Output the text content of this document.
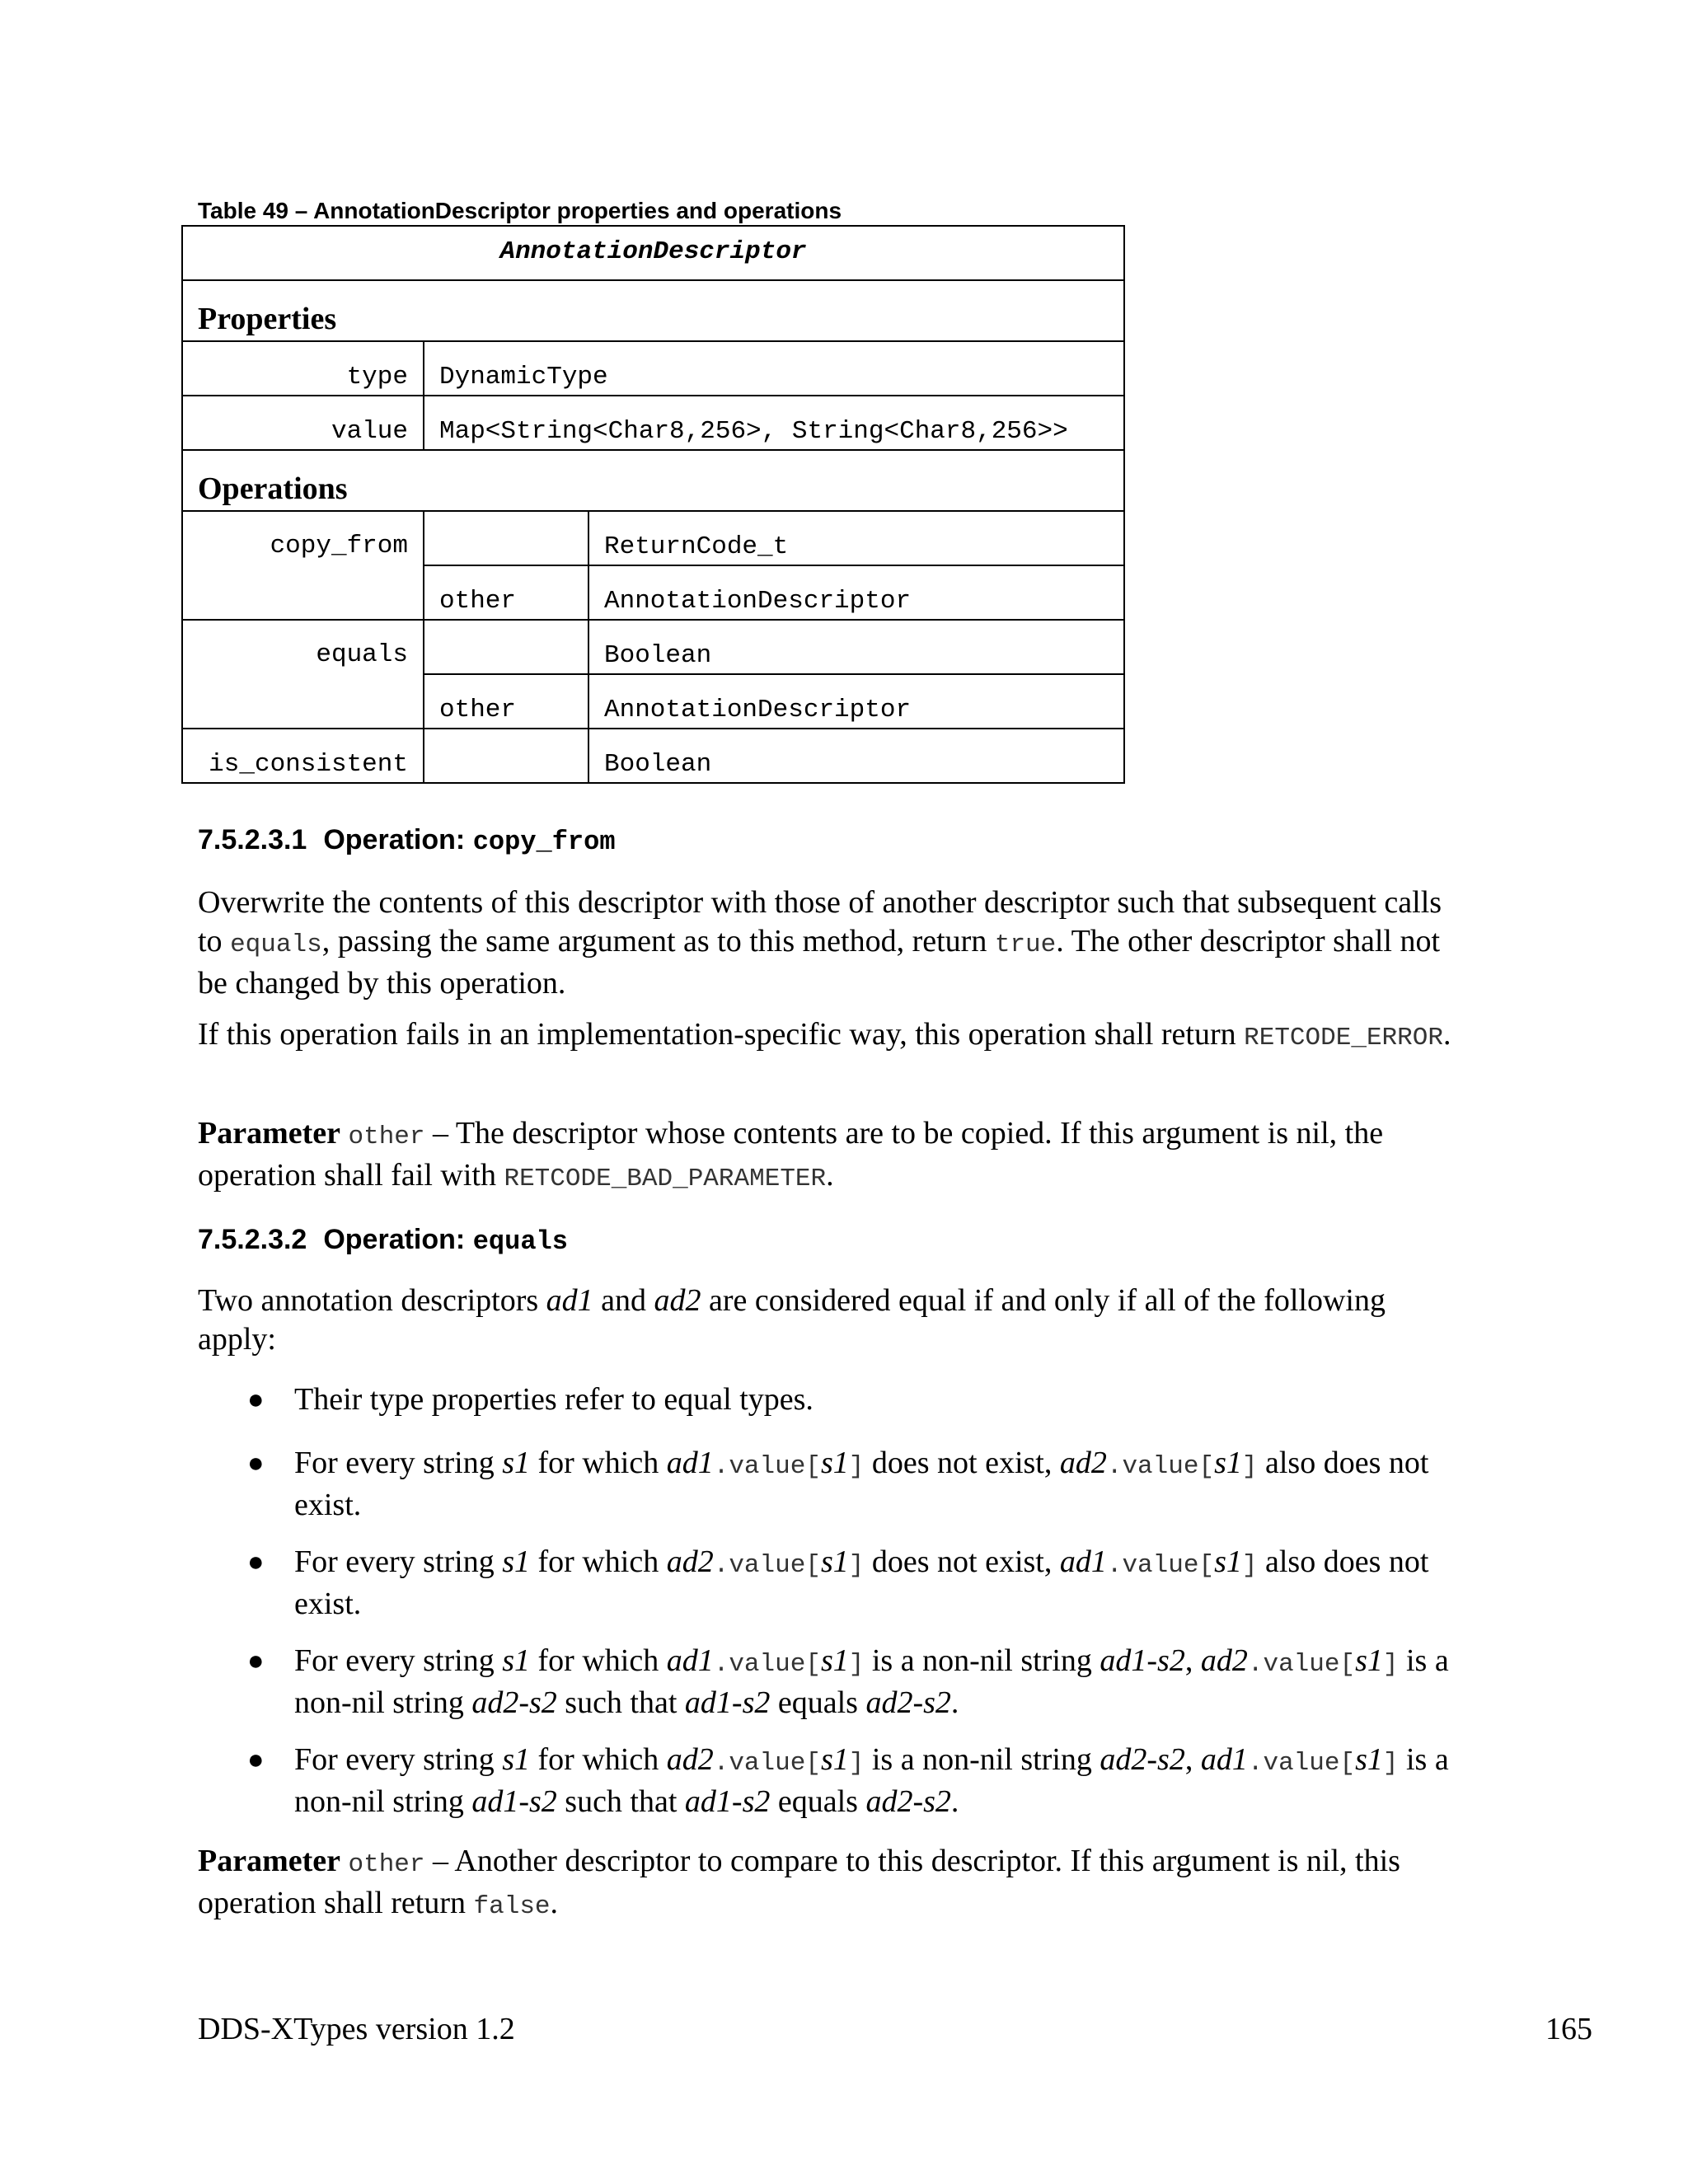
Table 49 – AnnotationDescriptor properties and operations
AnnotationDescriptor		
Properties		
type	DynamicType	
value	Map<String<Char8,256>, String<Char8,256>>	
Operations		
copy_from		ReturnCode_t
	other	AnnotationDescriptor
equals		Boolean
	other	AnnotationDescriptor
is_consistent		Boolean
7.5.2.3.1 Operation: copy_from
Overwrite the contents of this descriptor with those of another descriptor such that subsequent calls to equals, passing the same argument as to this method, return true. The other descriptor shall not be changed by this operation.
If this operation fails in an implementation-specific way, this operation shall return RETCODE_ERROR.
Parameter other – The descriptor whose contents are to be copied. If this argument is nil, the operation shall fail with RETCODE_BAD_PARAMETER.
7.5.2.3.2 Operation: equals
Two annotation descriptors ad1 and ad2 are considered equal if and only if all of the following apply:
● Their type properties refer to equal types.
● For every string s1 for which ad1.value[s1] does not exist, ad2.value[s1] also does not exist.
● For every string s1 for which ad2.value[s1] does not exist, ad1.value[s1] also does not exist.
● For every string s1 for which ad1.value[s1] is a non-nil string ad1-s2, ad2.value[s1] is a non-nil string ad2-s2 such that ad1-s2 equals ad2-s2.
● For every string s1 for which ad2.value[s1] is a non-nil string ad2-s2, ad1.value[s1] is a non-nil string ad1-s2 such that ad1-s2 equals ad2-s2.
Parameter other – Another descriptor to compare to this descriptor. If this argument is nil, this operation shall return false.
DDS-XTypes version 1.2	165
